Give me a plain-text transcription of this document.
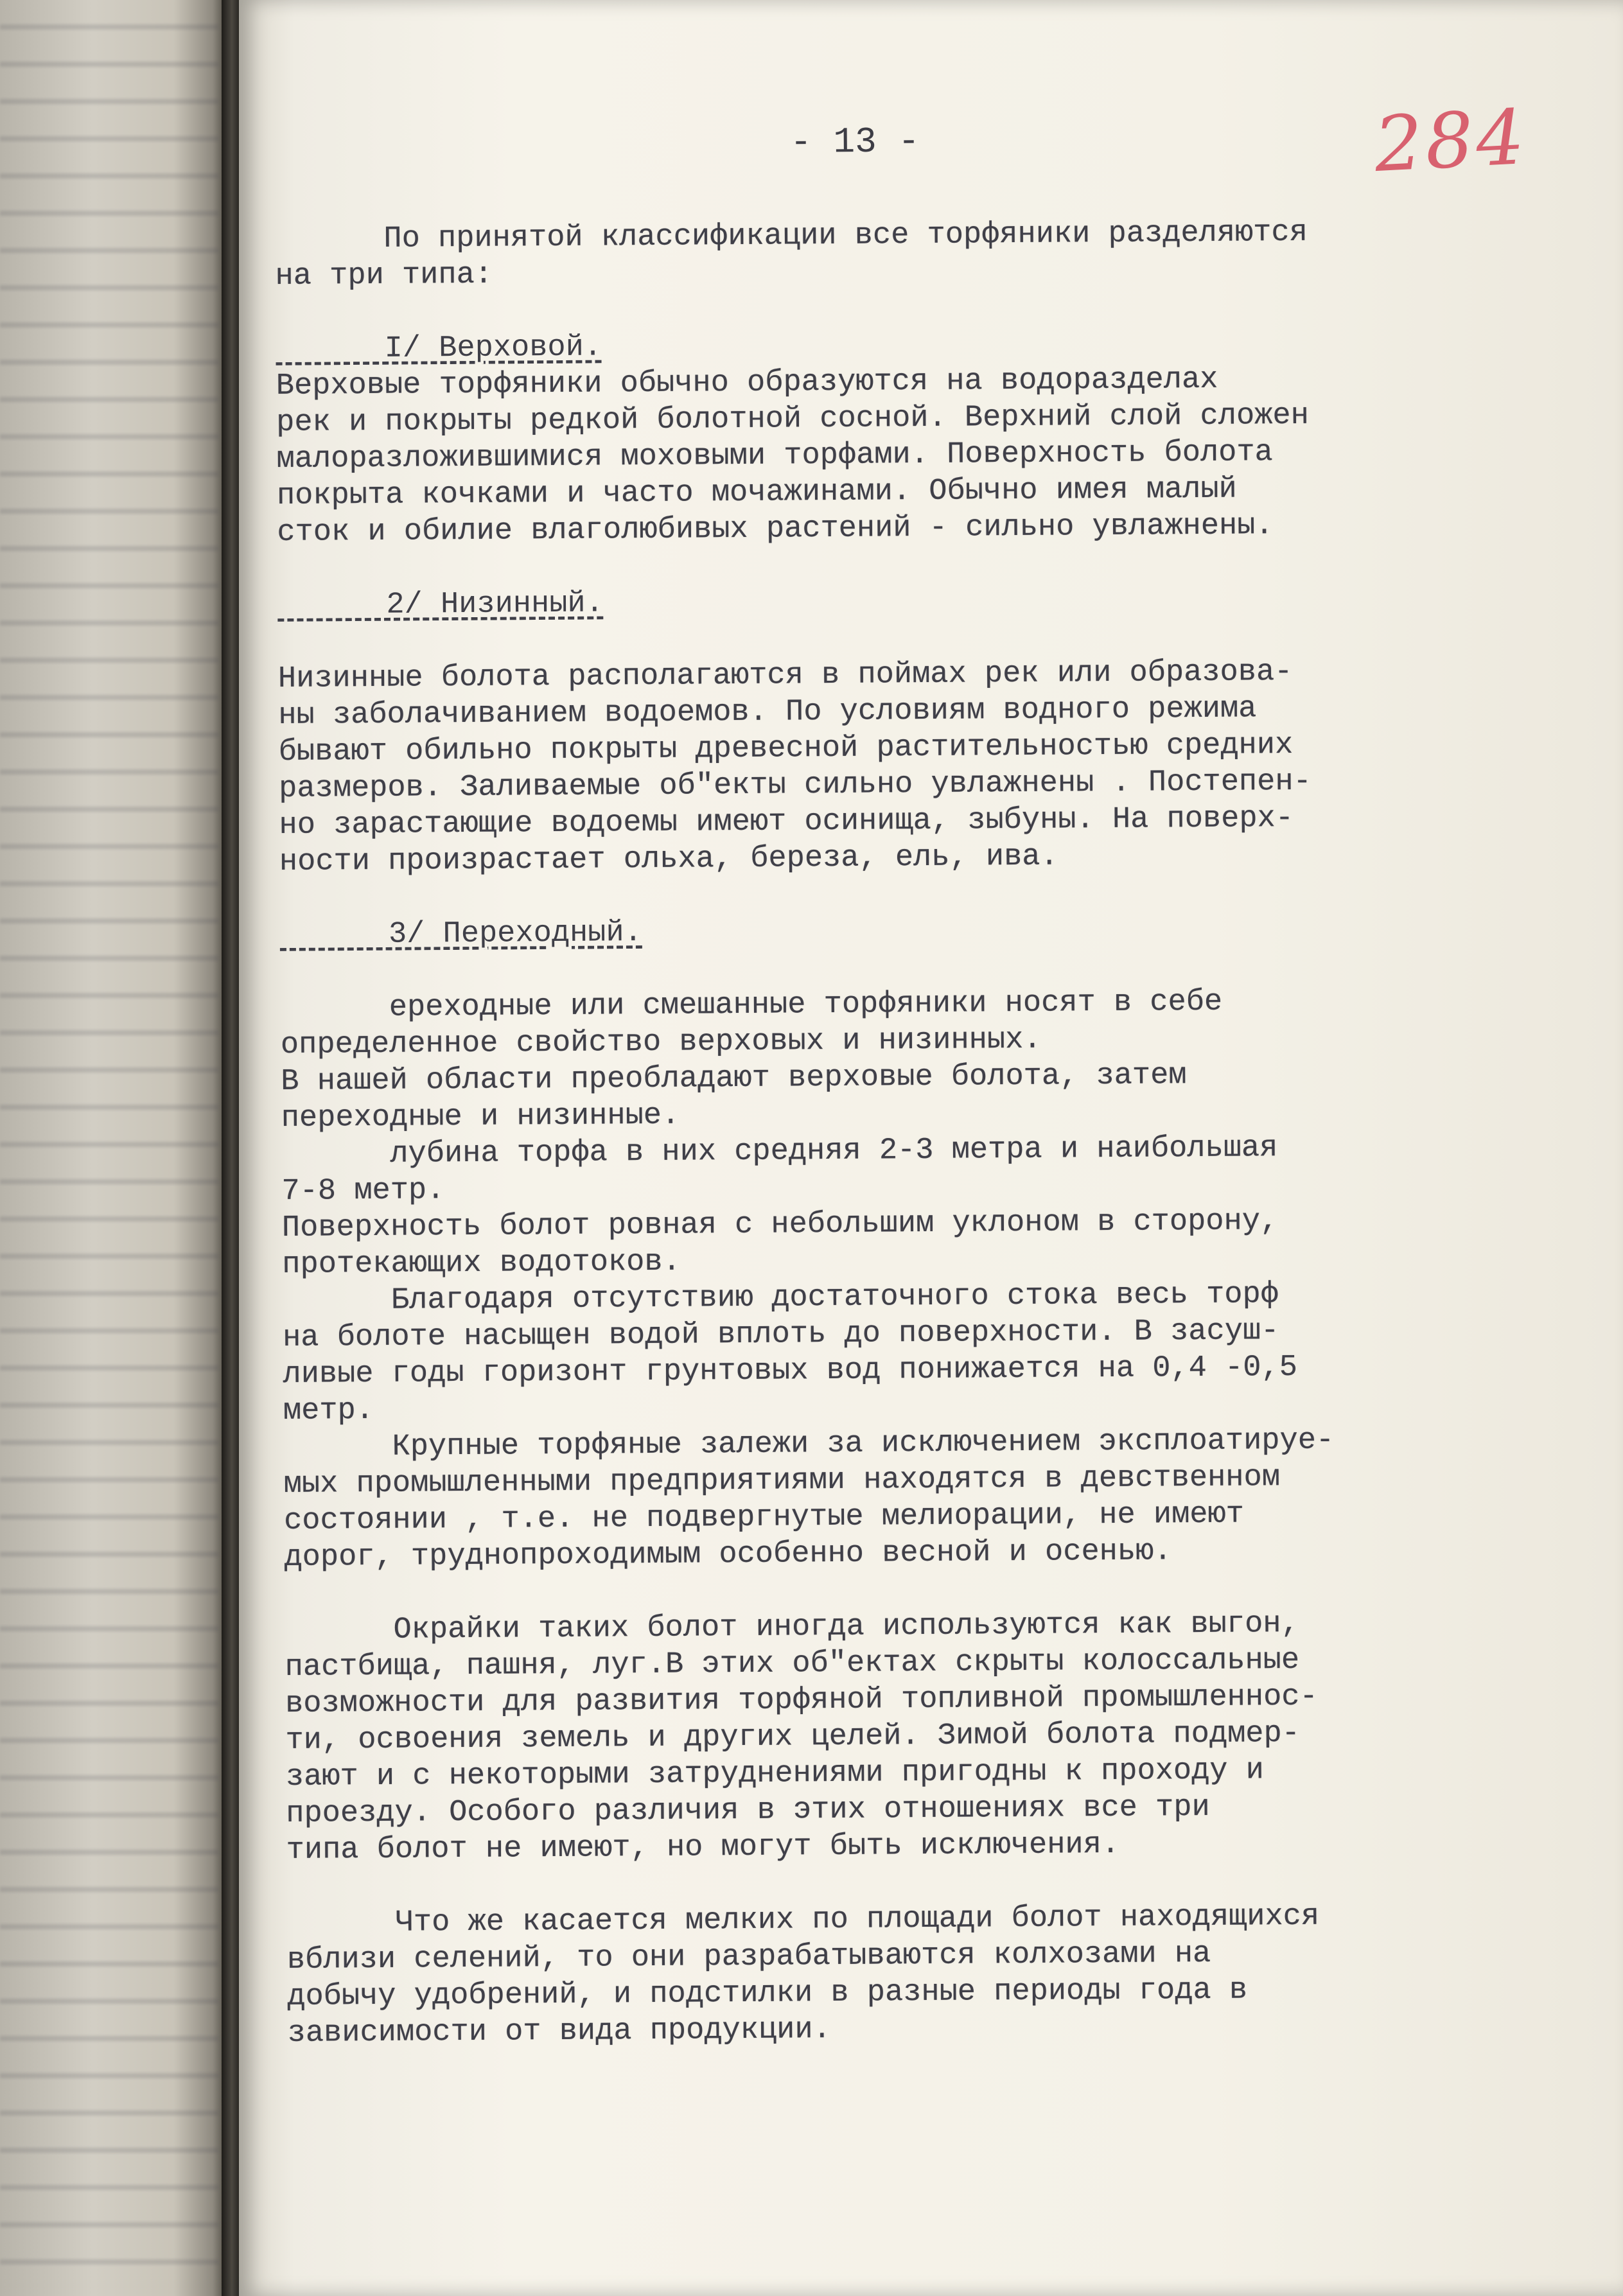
284
- 13 -
По принятой классификации все торфяники разделяются
на три типа:
I/ Верховой.
Верховые торфяники обычно образуются на водоразделах
рек и покрыты редкой болотной сосной. Верхний слой сложен
малоразложившимися моховыми торфами. Поверхность болота
покрыта кочками и часто мочажинами. Обычно имея малый
сток и обилие влаголюбивых растений - сильно увлажнены.
2/ Низинный.
Низинные болота располагаются в поймах рек или образова-
ны заболачиванием водоемов. По условиям водного режима
бывают обильно покрыты древесной растительностью средних
размеров. Заливаемые об"екты сильно увлажнены . Постепен-
но зарастающие водоемы имеют осинища, зыбуны. На поверх-
ности произрастает ольха, береза, ель, ива.
3/ Переходный.
ереходные или смешанные торфяники носят в себе
определенное свойство верховых и низинных.
В нашей области преобладают верховые болота, затем
переходные и низинные.
лубина торфа в них средняя 2-3 метра и наибольшая
7-8 метр.
Поверхность болот ровная с небольшим уклоном в сторону,
протекающих водотоков.
Благодаря отсутствию достаточного стока весь торф
на болоте насыщен водой вплоть до поверхности. В засуш-
ливые годы горизонт грунтовых вод понижается на 0,4 -0,5
метр.
Крупные торфяные залежи за исключением эксплоатируе-
мых промышленными предприятиями находятся в девственном
состоянии , т.е. не подвергнутые мелиорации, не имеют
дорог, труднопроходимым особенно весной и осенью.
Окрайки таких болот иногда используются как выгон,
пастбища, пашня, луг.В этих об"ектах скрыты колоссальные
возможности для развития торфяной топливной промышленнос-
ти, освоения земель и других целей. Зимой болота подмер-
зают и с некоторыми затруднениями пригодны к проходу и
проезду. Особого различия в этих отношениях все три
типа болот не имеют, но могут быть исключения.
Что же касается мелких по площади болот находящихся
вблизи селений, то они разрабатываются колхозами на
добычу удобрений, и подстилки в разные периоды года в
зависимости от вида продукции.
